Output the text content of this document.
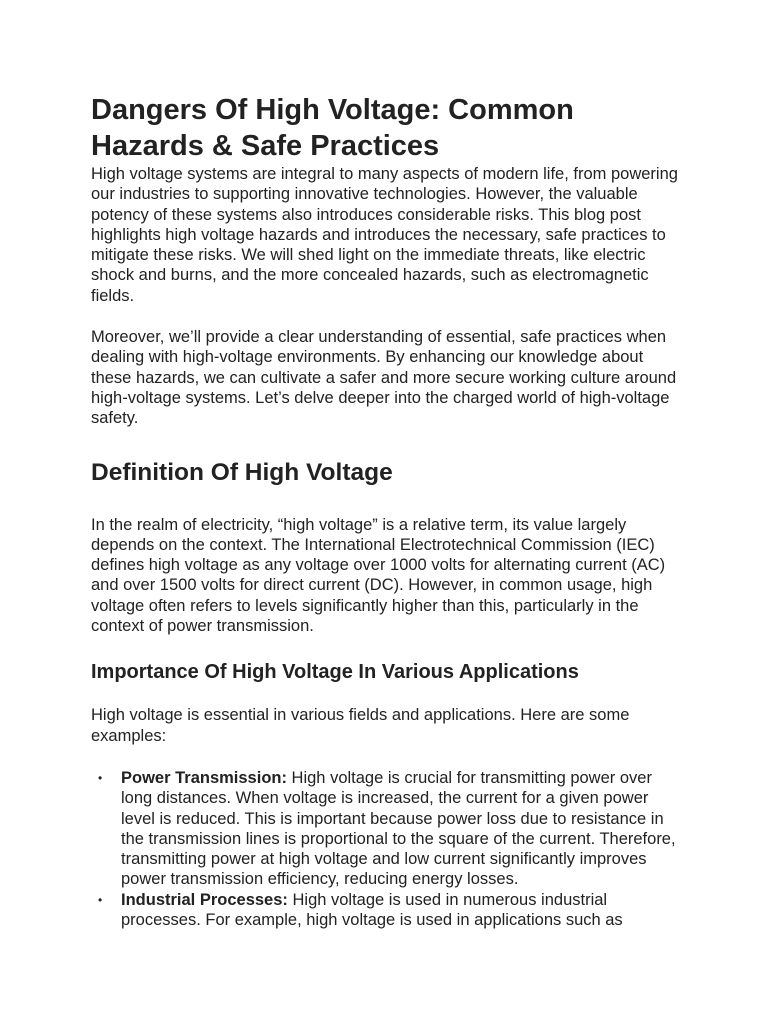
Dangers Of High Voltage: Common Hazards & Safe Practices

High voltage systems are integral to many aspects of modern life, from powering our industries to supporting innovative technologies. However, the valuable potency of these systems also introduces considerable risks. This blog post highlights high voltage hazards and introduces the necessary, safe practices to mitigate these risks. We will shed light on the immediate threats, like electric shock and burns, and the more concealed hazards, such as electromagnetic fields.

Moreover, we’ll provide a clear understanding of essential, safe practices when dealing with high-voltage environments. By enhancing our knowledge about these hazards, we can cultivate a safer and more secure working culture around high-voltage systems. Let’s delve deeper into the charged world of high-voltage safety.

Definition Of High Voltage

In the realm of electricity, “high voltage” is a relative term, its value largely depends on the context. The International Electrotechnical Commission (IEC) defines high voltage as any voltage over 1000 volts for alternating current (AC) and over 1500 volts for direct current (DC). However, in common usage, high voltage often refers to levels significantly higher than this, particularly in the context of power transmission.

Importance Of High Voltage In Various Applications

High voltage is essential in various fields and applications. Here are some examples:

• Power Transmission: High voltage is crucial for transmitting power over long distances. When voltage is increased, the current for a given power level is reduced. This is important because power loss due to resistance in the transmission lines is proportional to the square of the current. Therefore, transmitting power at high voltage and low current significantly improves power transmission efficiency, reducing energy losses.
• Industrial Processes: High voltage is used in numerous industrial processes. For example, high voltage is used in applications such as
